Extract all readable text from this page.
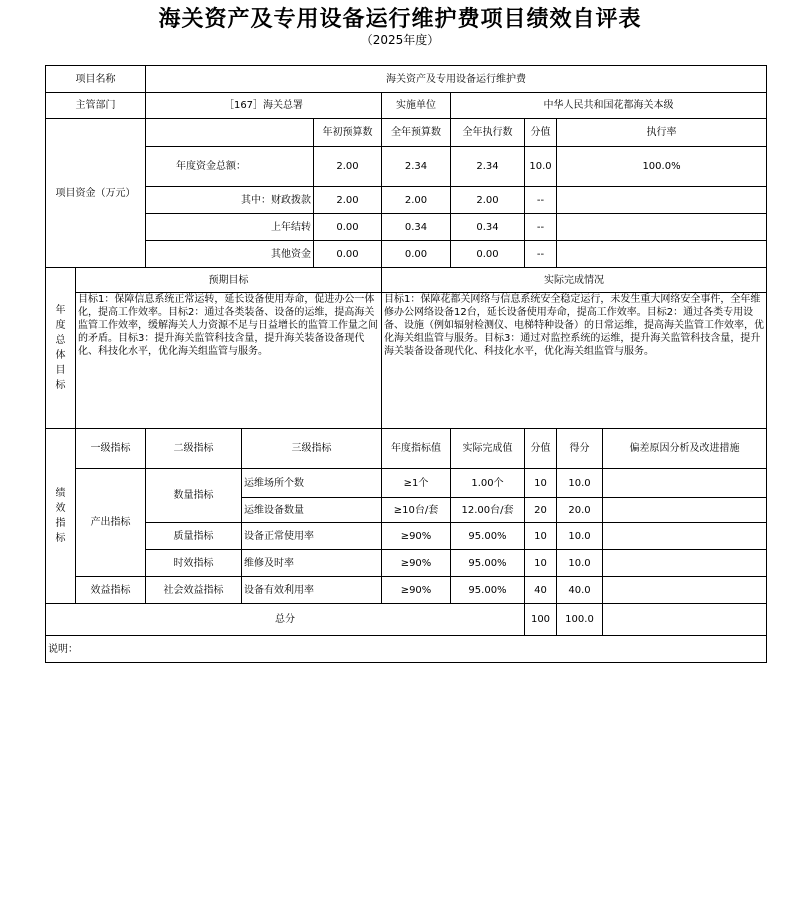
海关资产及专用设备运行维护费项目绩效自评表
（2025年度）
项目名称		海关资产及专用设备运行维护费								
主管部门		［167］海关总署			实施单位	中华人民共和国花都海关本级				
项目资金（万元）				年初预算数	全年预算数	全年执行数	分值	执行率	
		年度资金总额：		2.00	2.34	2.34	10.0	100.0%	
		其中：财政拨款		2.00	2.00	2.00	--		
		上年结转		0.00	0.34	0.34	--		
		其他资金		0.00	0.00	0.00	--		
年度总体目标	预期目标				实际完成情况					
	目标1：保障信息系统正常运转，延长设备使用寿命，促进办公一体化，提高工作效率。目标2：通过各类装备、设备的运维，提高海关监管工作效率，缓解海关人力资源不足与日益增长的监管工作量之间的矛盾。目标3：提升海关监管科技含量，提升海关装备设备现代化、科技化水平，优化海关组监管与服务。				目标1：保障花都关网络与信息系统安全稳定运行，未发生重大网络安全事件，全年维修办公网络设备12台，延长设备使用寿命，提高工作效率。目标2：通过各类专用设备、设施（例如辐射检测仪、电梯特种设备）的日常运维，提高海关监管工作效率，优化海关组监管与服务。目标3：通过对监控系统的运维，提升海关监管科技含量，提升海关装备设备现代化、科技化水平，优化海关组监管与服务。					
绩效指标	一级指标	二级指标	三级指标		年度指标值	实际完成值	分值	得分	偏差原因分析及改进措施	
	产出指标	数量指标	运维场所个数		≥1个	1.00个	10	10.0		
			运维设备数量		≥10台/套	12.00台/套	20	20.0		
		质量指标	设备正常使用率		≥90%	95.00%	10	10.0		
		时效指标	维修及时率		≥90%	95.00%	10	10.0		
	效益指标	社会效益指标	设备有效利用率		≥90%	95.00%	40	40.0		
总分							100	100.0		
说明：										
